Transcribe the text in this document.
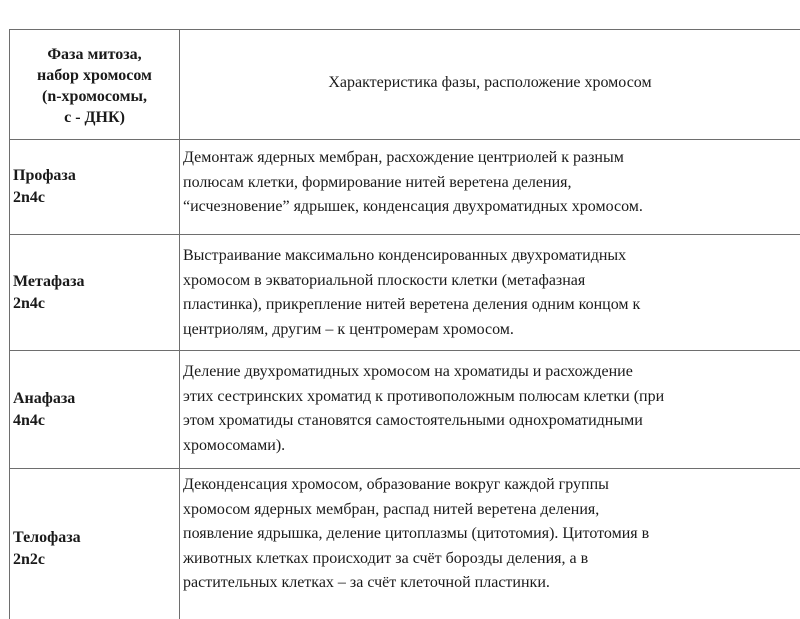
Фаза митоза,
набор хромосом
(n-хромосомы,
с - ДНК)	Характеристика фазы, расположение хромосом

Профаза
2n4c	Демонтаж ядерных мембран, расхождение центриолей к разным
полюсам клетки, формирование нитей веретена деления,
“исчезновение” ядрышек, конденсация двухроматидных хромосом.

Метафаза
2n4c	Выстраивание максимально конденсированных двухроматидных
хромосом в экваториальной плоскости клетки (метафазная
пластинка), прикрепление нитей веретена деления одним концом к
центриолям, другим – к центромерам хромосом.

Анафаза
4n4c	Деление двухроматидных хромосом на хроматиды и расхождение
этих сестринских хроматид к противоположным полюсам клетки (при
этом хроматиды становятся самостоятельными однохроматидными
хромосомами).

Телофаза
2n2c	Деконденсация хромосом, образование вокруг каждой группы
хромосом ядерных мембран, распад нитей веретена деления,
появление ядрышка, деление цитоплазмы (цитотомия). Цитотомия в
животных клетках происходит за счёт борозды деления, а в
растительных клетках – за счёт клеточной пластинки.
